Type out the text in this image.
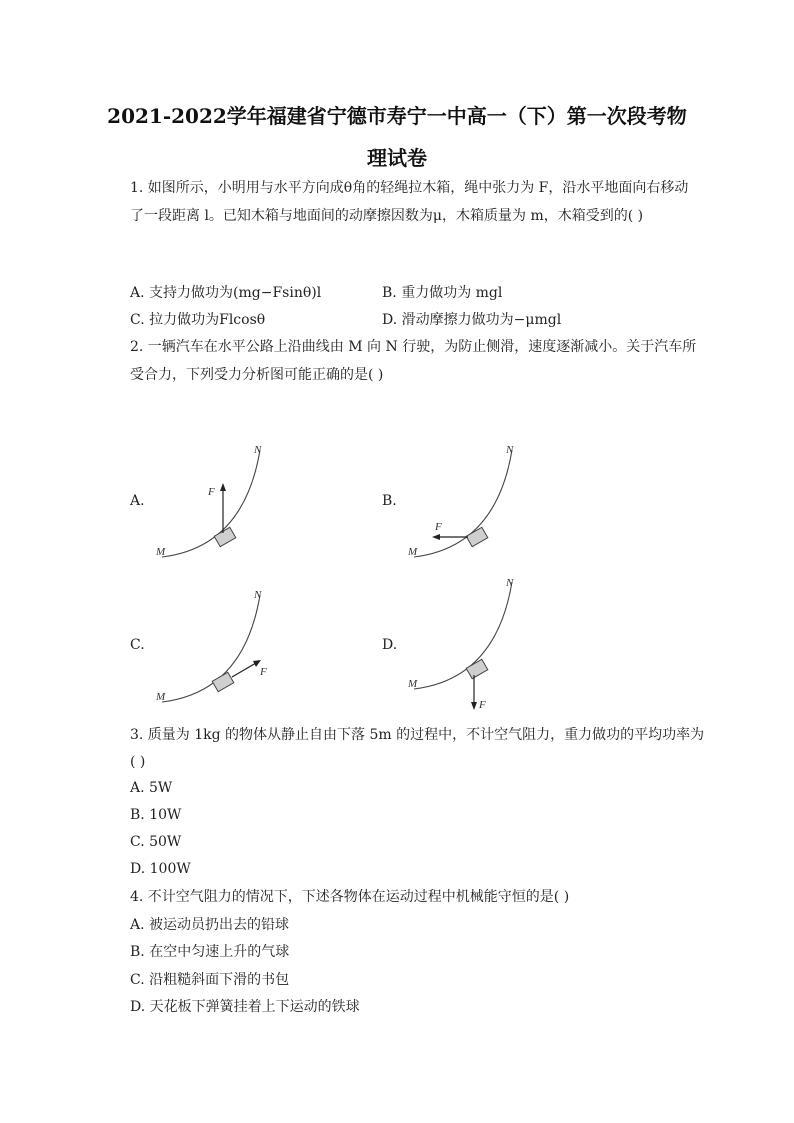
2021-2022学年福建省宁德市寿宁一中高一（下）第一次段考物
理试卷
1. 如图所示，小明用与水平方向成θ角的轻绳拉木箱，绳中张力为 F，沿水平地面向右移动
了一段距离 l。已知木箱与地面间的动摩擦因数为μ，木箱质量为 m，木箱受到的( )
A. 支持力做功为(mg−Fsinθ)l	B. 重力做功为 mgl
C. 拉力做功为Flcosθ	D. 滑动摩擦力做功为−μmgl
2. 一辆汽车在水平公路上沿曲线由 M 向 N 行驶，为防止侧滑，速度逐渐减小。关于汽车所
受合力，下列受力分析图可能正确的是( )
A.	B.
C.	D.
M
N
F
M
N
F
M
N
F
M
N
F
3. 质量为 1kg 的物体从静止自由下落 5m 的过程中，不计空气阻力，重力做功的平均功率为
( )
A. 5W
B. 10W
C. 50W
D. 100W
4. 不计空气阻力的情况下，下述各物体在运动过程中机械能守恒的是( )
A. 被运动员扔出去的铅球
B. 在空中匀速上升的气球
C. 沿粗糙斜面下滑的书包
D. 天花板下弹簧挂着上下运动的铁球
